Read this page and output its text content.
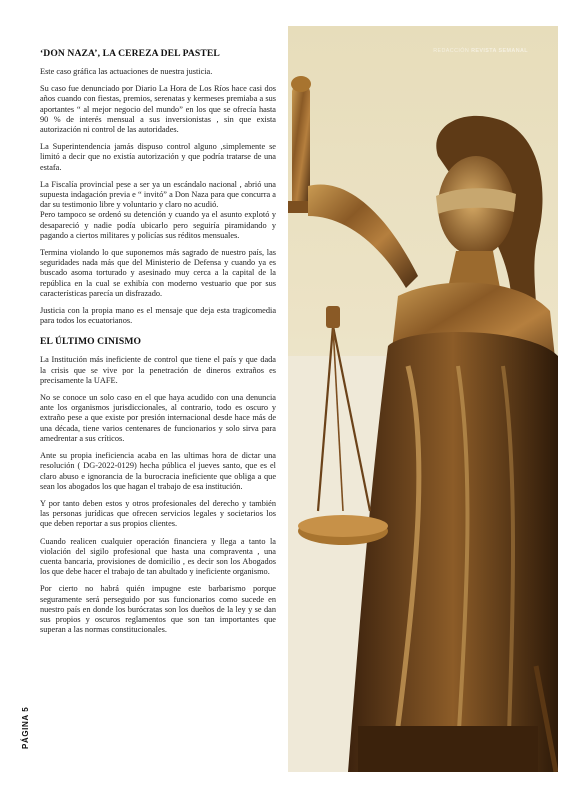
‘DON NAZA’, LA CEREZA DEL PASTEL

Este caso gráfica las actuaciones de nuestra justicia.

Su caso fue denunciado por Diario La Hora de Los Ríos hace casi dos años cuando con fiestas, premios, serenatas y kermeses premiaba a sus aportantes “ al mejor negocio del mundo” en los que se ofrecía hasta 90 % de interés mensual a sus inversionistas , sin que exista autorización ni control de las autoridades.

La Superintendencia jamás dispuso control alguno ,simplemente se limitó a decir que no existía autorización y que podría tratarse de una estafa.

La Fiscalía provincial pese a ser ya un escándalo nacional , abrió una supuesta indagación previa e “ invitó” a Don Naza para que concurra a dar su testimonio libre y voluntario y claro no acudió.
Pero tampoco se ordenó su detención y cuando ya el asunto explotó y desapareció y nadie podía ubicarlo pero seguiría piramidando y pagando a ciertos militares y policías sus réditos mensuales.

Termina violando lo que suponemos más sagrado de nuestro país, las seguridades nada más que del Ministerio de Defensa y cuando ya es buscado asoma torturado y asesinado muy cerca a la capital de la república en la cual se exhibía con moderno vestuario que por sus características parecía un disfrazado.

Justicia con la propia mano es el mensaje que deja esta tragicomedia para todos los ecuatorianos.

EL ÚLTIMO CINISMO

La Institución más ineficiente de control que tiene el país y que dada la crisis que se vive por la penetración de dineros extraños es precisamente la UAFE.

No se conoce un solo caso en el que haya acudido con una denuncia ante los organismos jurisdiccionales, al contrario, todo es oscuro y extraño pese a que existe por presión internacional desde hace más de una década, tiene varios centenares de funcionarios y solo sirva para amedrentar a sus críticos.

Ante su propia ineficiencia acaba en las ultimas hora de dictar una resolución ( DG-2022-0129) hecha pública el jueves santo, que es el claro abuso e ignorancia de la burocracia ineficiente que obliga a que sean los abogados los que hagan el trabajo de esa institución.

Y por tanto deben estos y otros profesionales del derecho y también las personas jurídicas que ofrecen servicios legales y societarios los que deben reportar a sus propios clientes.

Cuando realicen cualquier operación financiera y llega a tanto la violación del sigilo profesional que hasta una compraventa , una cuenta bancaria, provisiones de domicilio , es decir son los Abogados los que debe hacer el trabajo de tan abultado y ineficiente organismo.

Por cierto no habrá quién impugne este barbarismo porque seguramente será perseguido por sus funcionarios como sucede en nuestro país en donde los burócratas son los dueños de la ley y se dan sus propios y oscuros reglamentos que son tan importantes que superan a las normas constitucionales.

PÁGINA 5
REDACCIÓN REVISTA SEMANAL
